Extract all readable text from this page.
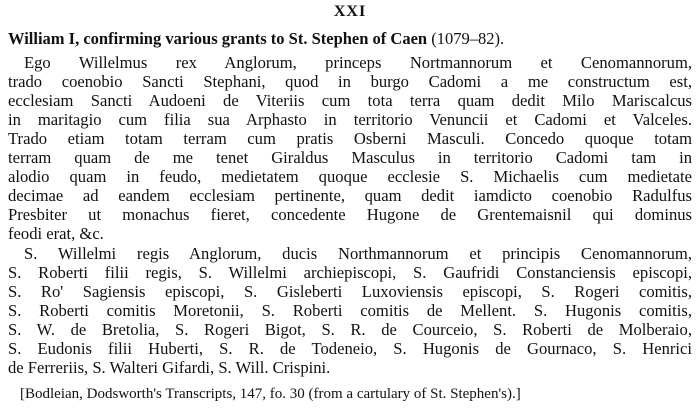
XXI
William I, confirming various grants to St. Stephen of Caen (1079–82).
Ego Willelmus rex Anglorum, princeps Nortmannorum et Cenomannorum,
trado coenobio Sancti Stephani, quod in burgo Cadomi a me constructum est,
ecclesiam Sancti Audoeni de Viteriis cum tota terra quam dedit Milo Mariscalcus
in maritagio cum filia sua Arphasto in territorio Venuncii et Cadomi et Valceles.
Trado etiam totam terram cum pratis Osberni Masculi. Concedo quoque totam
terram quam de me tenet Giraldus Masculus in territorio Cadomi tam in
alodio quam in feudo, medietatem quoque ecclesie S. Michaelis cum medietate
decimae ad eandem ecclesiam pertinente, quam dedit iamdicto coenobio Radulfus
Presbiter ut monachus fieret, concedente Hugone de Grentemaisnil qui dominus
feodi erat, &c.
S. Willelmi regis Anglorum, ducis Northmannorum et principis Cenomannorum,
S. Roberti filii regis, S. Willelmi archiepiscopi, S. Gaufridi Constanciensis episcopi,
S. Ro' Sagiensis episcopi, S. Gisleberti Luxoviensis episcopi, S. Rogeri comitis,
S. Roberti comitis Moretonii, S. Roberti comitis de Mellent. S. Hugonis comitis,
S. W. de Bretolia, S. Rogeri Bigot, S. R. de Courceio, S. Roberti de Molberaio,
S. Eudonis filii Huberti, S. R. de Todeneio, S. Hugonis de Gournaco, S. Henrici
de Ferreriis, S. Walteri Gifardi, S. Will. Crispini.
[Bodleian, Dodsworth's Transcripts, 147, fo. 30 (from a cartulary of St. Stephen's).]
